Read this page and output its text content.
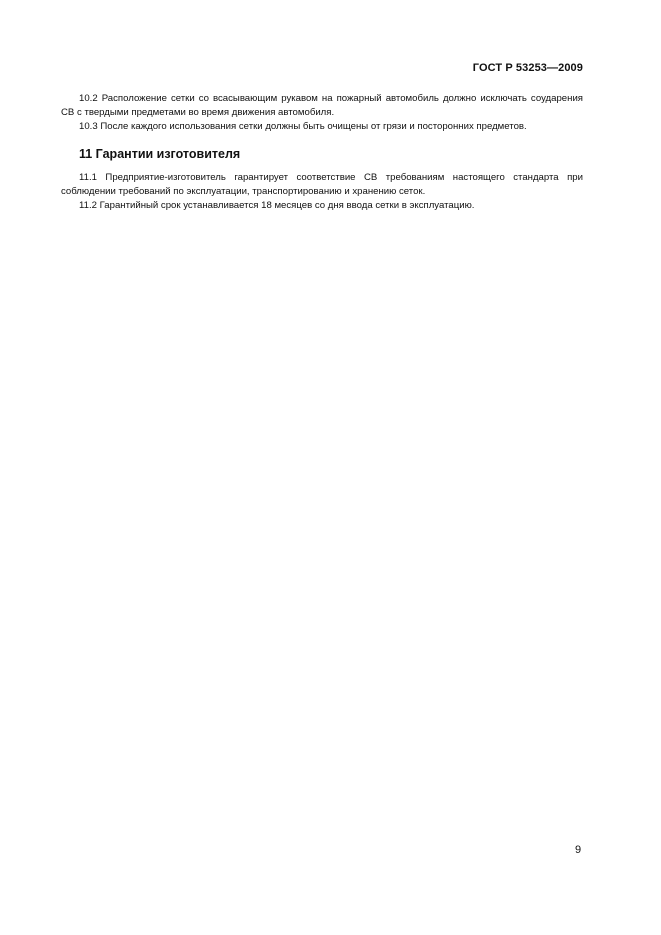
ГОСТ Р 53253—2009

10.2 Расположение сетки со всасывающим рукавом на пожарный автомобиль должно исключать соударения СВ с твердыми предметами во время движения автомобиля.

10.3 После каждого использования сетки должны быть очищены от грязи и посторонних предметов.

11 Гарантии изготовителя

11.1 Предприятие-изготовитель гарантирует соответствие СВ требованиям настоящего стандарта при соблюдении требований по эксплуатации, транспортированию и хранению сеток.

11.2 Гарантийный срок устанавливается 18 месяцев со дня ввода сетки в эксплуатацию.

9
